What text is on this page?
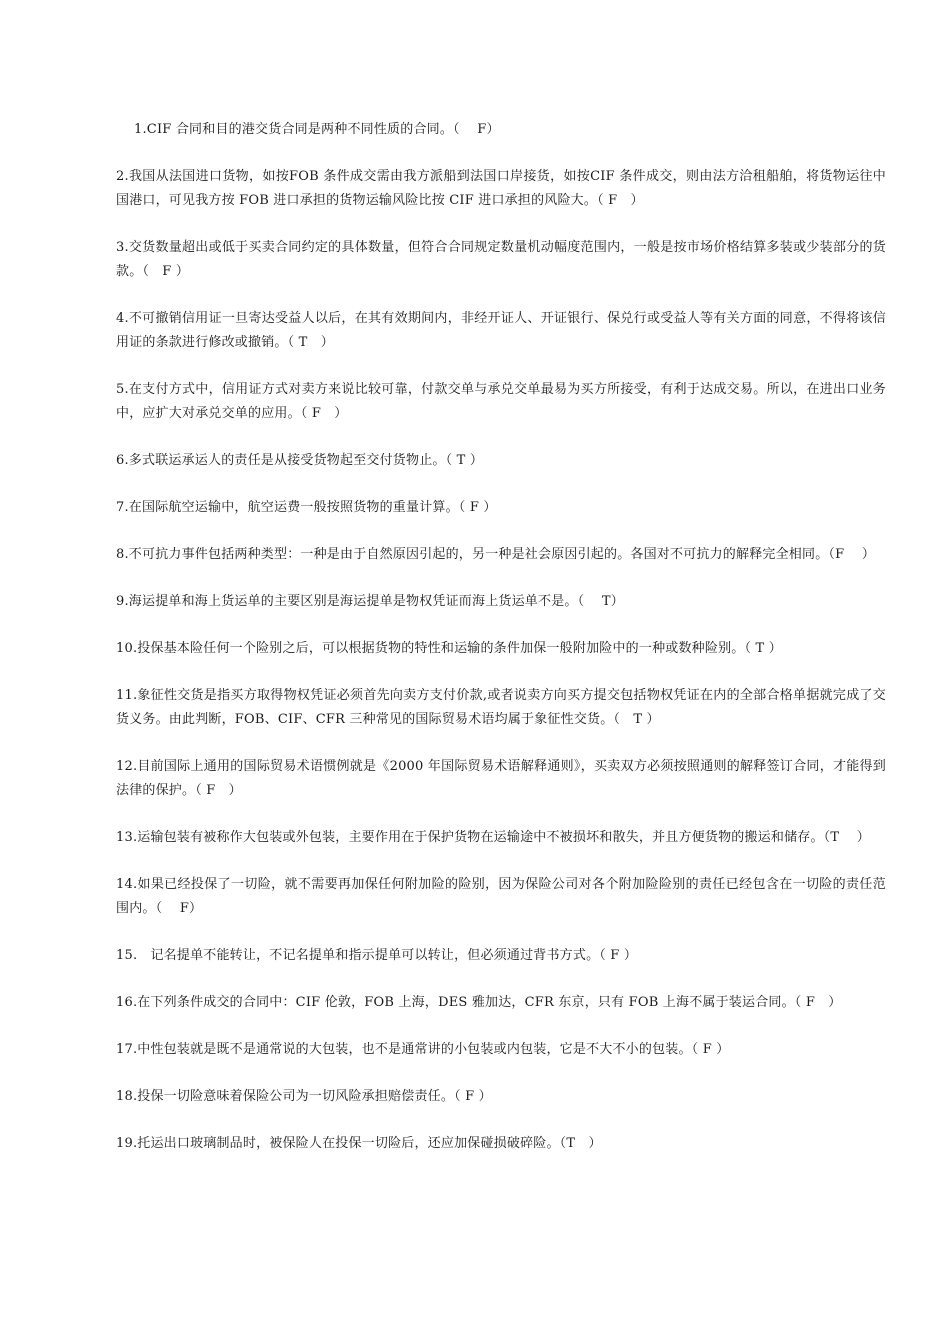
1.CIF 合同和目的港交货合同是两种不同性质的合同。（　 F）

2.我国从法国进口货物，如按FOB 条件成交需由我方派船到法国口岸接货，如按CIF 条件成交，则由法方洽租船舶，将货物运往中国港口，可见我方按 FOB 进口承担的货物运输风险比按 CIF 进口承担的风险大。（ F　）

3.交货数量超出或低于买卖合同约定的具体数量，但符合合同规定数量机动幅度范围内，一般是按市场价格结算多装或少装部分的货款。（　F ）

4.不可撤销信用证一旦寄达受益人以后，在其有效期间内，非经开证人、开证银行、保兑行或受益人等有关方面的同意，不得将该信用证的条款进行修改或撤销。（ T　）

5.在支付方式中，信用证方式对卖方来说比较可靠，付款交单与承兑交单最易为买方所接受，有利于达成交易。所以，在进出口业务中，应扩大对承兑交单的应用。（ F　）

6.多式联运承运人的责任是从接受货物起至交付货物止。（ T ）

7.在国际航空运输中，航空运费一般按照货物的重量计算。（ F ）

8.不可抗力事件包括两种类型：一种是由于自然原因引起的，另一种是社会原因引起的。各国对不可抗力的解释完全相同。（F　 ）

9.海运提单和海上货运单的主要区别是海运提单是物权凭证而海上货运单不是。（　 T）

10.投保基本险任何一个险别之后，可以根据货物的特性和运输的条件加保一般附加险中的一种或数种险别。（ T ）

11.象征性交货是指买方取得物权凭证必须首先向卖方支付价款,或者说卖方向买方提交包括物权凭证在内的全部合格单据就完成了交货义务。由此判断，FOB、CIF、CFR 三种常见的国际贸易术语均属于象征性交货。（　T ）

12.目前国际上通用的国际贸易术语惯例就是《2000 年国际贸易术语解释通则》，买卖双方必须按照通则的解释签订合同，才能得到法律的保护。（ F　）

13.运输包装有被称作大包装或外包装，主要作用在于保护货物在运输途中不被损坏和散失，并且方便货物的搬运和储存。（T　 ）

14.如果已经投保了一切险，就不需要再加保任何附加险的险别，因为保险公司对各个附加险险别的责任已经包含在一切险的责任范围内。（　 F）

15.　记名提单不能转让，不记名提单和指示提单可以转让，但必须通过背书方式。（ F ）

16.在下列条件成交的合同中：CIF 伦敦，FOB 上海，DES 雅加达，CFR 东京，只有 FOB 上海不属于装运合同。（ F　）

17.中性包装就是既不是通常说的大包装，也不是通常讲的小包装或内包装，它是不大不小的包装。（ F ）

18.投保一切险意味着保险公司为一切风险承担赔偿责任。（ F ）

19.托运出口玻璃制品时，被保险人在投保一切险后，还应加保碰损破碎险。（T　）
